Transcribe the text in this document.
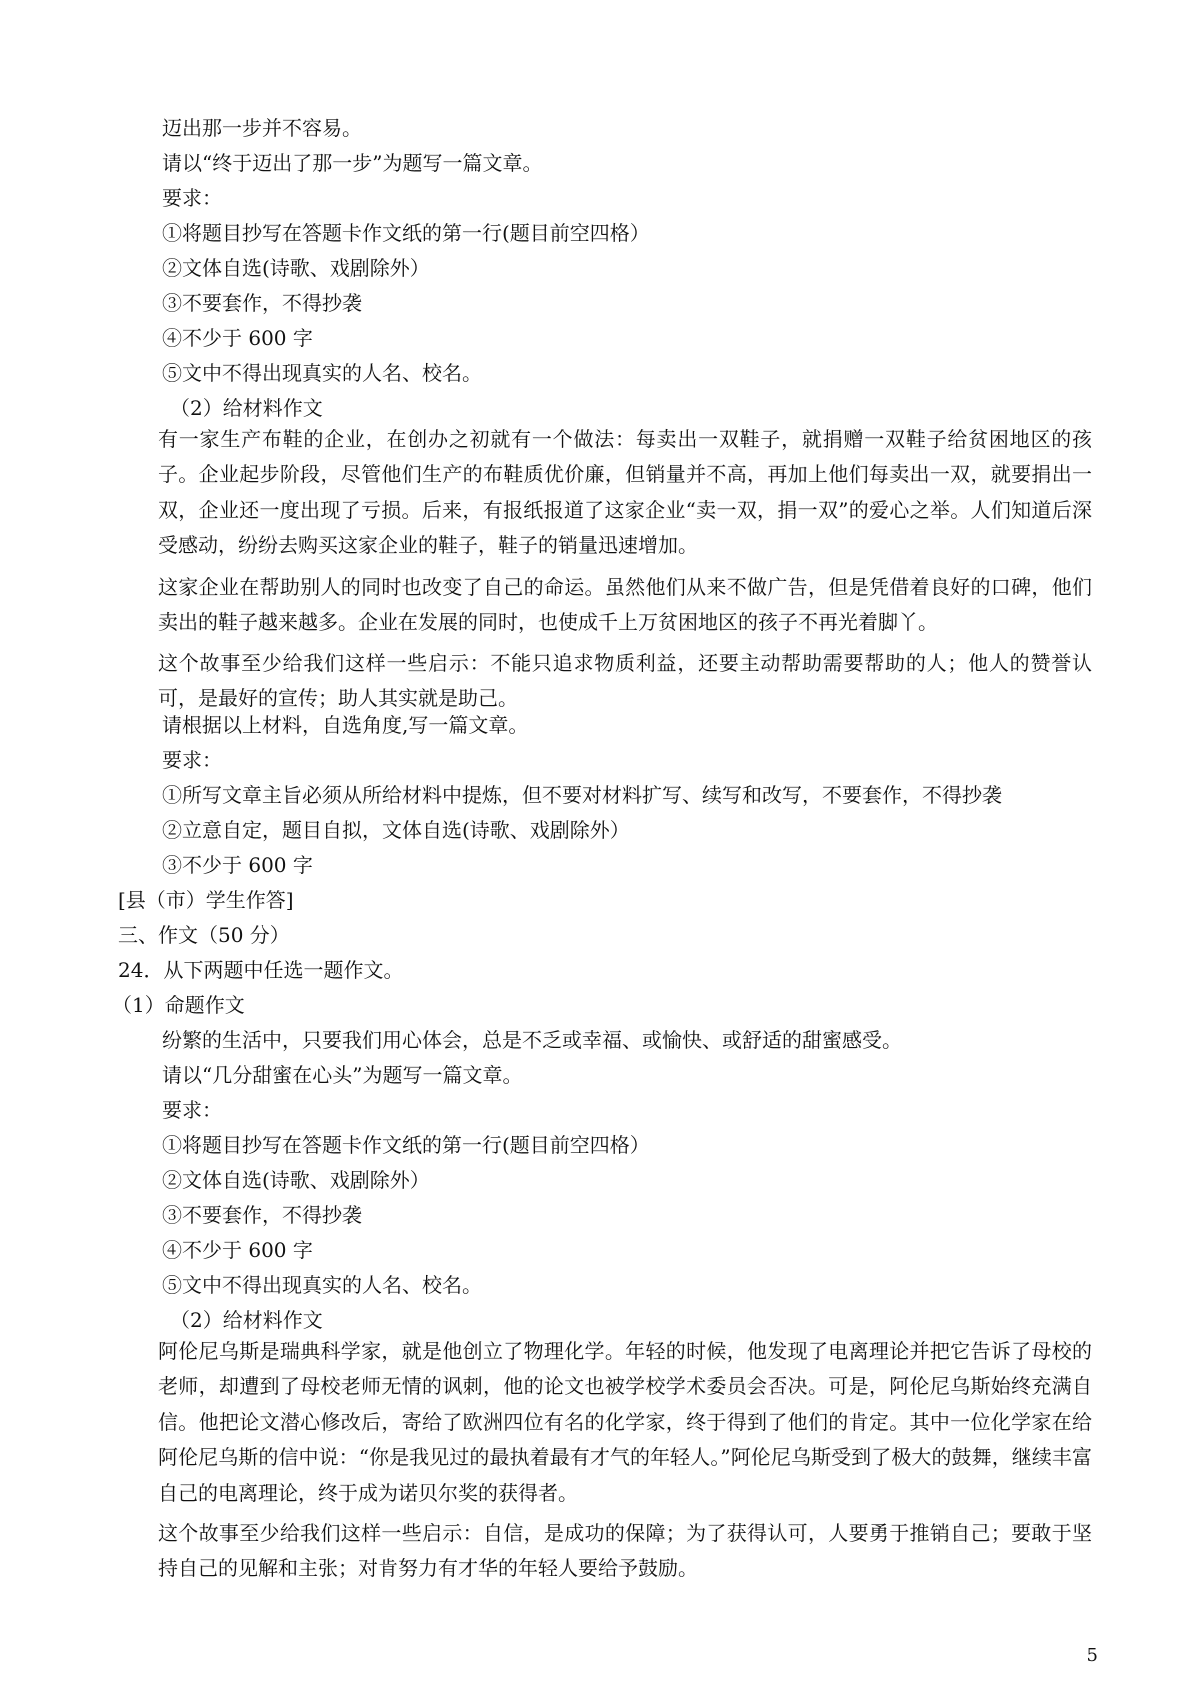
迈出那一步并不容易。
请以“终于迈出了那一步”为题写一篇文章。
要求：
①将题目抄写在答题卡作文纸的第一行(题目前空四格）
②文体自选(诗歌、戏剧除外）
③不要套作，不得抄袭
④不少于 600 字
⑤文中不得出现真实的人名、校名。
（2）给材料作文
有一家生产布鞋的企业，在创办之初就有一个做法：每卖出一双鞋子，就捐赠一双鞋子给贫困地区的孩子。企业起步阶段，尽管他们生产的布鞋质优价廉，但销量并不高，再加上他们每卖出一双，就要捐出一双，企业还一度出现了亏损。后来，有报纸报道了这家企业“卖一双，捐一双”的爱心之举。人们知道后深受感动，纷纷去购买这家企业的鞋子，鞋子的销量迅速增加。
这家企业在帮助别人的同时也改变了自己的命运。虽然他们从来不做广告，但是凭借着良好的口碑，他们卖出的鞋子越来越多。企业在发展的同时，也使成千上万贫困地区的孩子不再光着脚丫。
这个故事至少给我们这样一些启示：不能只追求物质利益，还要主动帮助需要帮助的人；他人的赞誉认可，是最好的宣传；助人其实就是助己。
请根据以上材料，自选角度,写一篇文章。
要求：
①所写文章主旨必须从所给材料中提炼，但不要对材料扩写、续写和改写，不要套作，不得抄袭
②立意自定，题目自拟，文体自选(诗歌、戏剧除外）
③不少于 600 字
[县（市）学生作答]
三、作文（50 分）
24．从下两题中任选一题作文。
（1）命题作文
纷繁的生活中，只要我们用心体会，总是不乏或幸福、或愉快、或舒适的甜蜜感受。
请以“几分甜蜜在心头”为题写一篇文章。
要求：
①将题目抄写在答题卡作文纸的第一行(题目前空四格）
②文体自选(诗歌、戏剧除外）
③不要套作，不得抄袭
④不少于 600 字
⑤文中不得出现真实的人名、校名。
（2）给材料作文
阿伦尼乌斯是瑞典科学家，就是他创立了物理化学。年轻的时候，他发现了电离理论并把它告诉了母校的老师，却遭到了母校老师无情的讽刺，他的论文也被学校学术委员会否决。可是，阿伦尼乌斯始终充满自信。他把论文潜心修改后，寄给了欧洲四位有名的化学家，终于得到了他们的肯定。其中一位化学家在给阿伦尼乌斯的信中说：“你是我见过的最执着最有才气的年轻人。”阿伦尼乌斯受到了极大的鼓舞，继续丰富自己的电离理论，终于成为诺贝尔奖的获得者。
这个故事至少给我们这样一些启示：自信，是成功的保障；为了获得认可，人要勇于推销自己；要敢于坚持自己的见解和主张；对肯努力有才华的年轻人要给予鼓励。
5
